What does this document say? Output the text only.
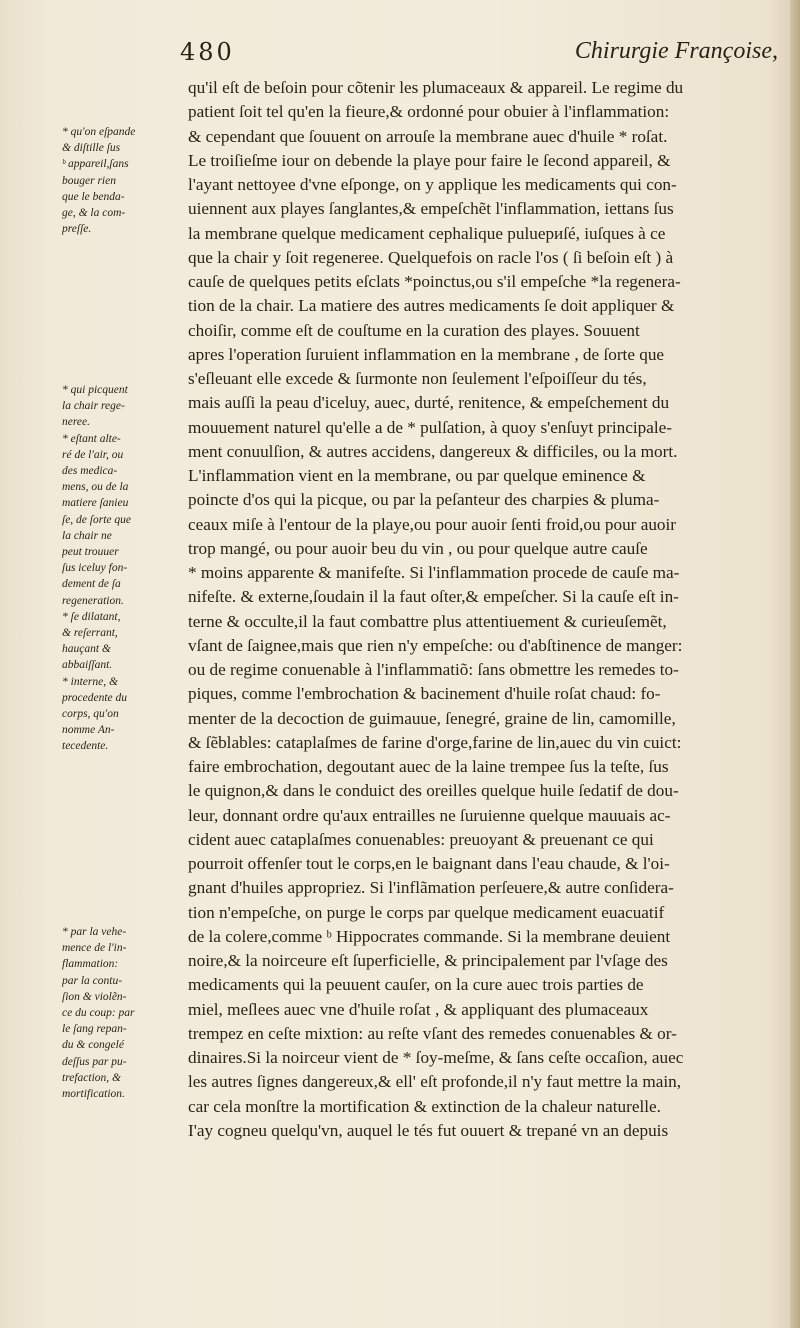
480	Chirurgie Françoise,
* qu'on eſpande
& diſtille ſus
ᵇ appareil,ſans
bouger rien
que le benda-
ge, & la com-
preſſe.
* qui picquent
la chair rege-
neree.
* eſtant alte-
ré de l'air, ou
des medica-
mens, ou de la
matiere ſanieu
ſe, de ſorte que
la chair ne
peut trouuer
ſus iceluy fon-
dement de ſa
regeneration.
* ſe dilatant,
& reſerrant,
hauçant &
abbaiſſant.
* interne, &
procedente du
corps, qu'on
nomme An-
tecedente.
* par la vehe-
mence de l'in-
flammation:
par la contu-
ſion & violẽn-
ce du coup: par
le ſang repan-
du & congelé
deſſus par pu-
trefaction, &
mortification.
qu'il eſt de beſoin pour cõtenir les plumaceaux & appareil. Le regime du
patient ſoit tel qu'en la fieure,& ordonné pour obuier à l'inflammation:
& cependant que ſouuent on arrouſe la membrane auec d'huile * roſat.
Le troiſieſme iour on debende la playe pour faire le ſecond appareil, &
l'ayant nettoyee d'vne eſponge, on y applique les medicaments qui con-
uiennent aux playes ſanglantes,& empeſchẽt l'inflammation, iettans ſus
la membrane quelque medicament cephalique puluериſé, iuſques à ce
que la chair y ſoit regeneree. Quelquefois on racle l'os ( ſi beſoin eſt ) à
cauſe de quelques petits eſclats *poinctus,ou s'il empeſche *la regenera-
tion de la chair. La matiere des autres medicaments ſe doit appliquer &
choiſir, comme eſt de couſtume en la curation des playes. Souuent
apres l'operation ſuruient inflammation en la membrane , de ſorte que
s'eſleuant elle excede & ſurmonte non ſeulement l'eſpoiſſeur du tés,
mais auſſi la peau d'iceluy, auec, durté, renitence, & empeſchement du
mouuement naturel qu'elle a de * pulſation, à quoy s'enſuyt principale-
ment conuulſion, & autres accidens, dangereux & difficiles, ou la mort.
L'inflammation vient en la membrane, ou par quelque eminence &
poincte d'os qui la picque, ou par la peſanteur des charpies & pluma-
ceaux miſe à l'entour de la playe,ou pour auoir ſenti froid,ou pour auoir
trop mangé, ou pour auoir beu du vin , ou pour quelque autre cauſe
* moins apparente & manifeſte. Si l'inflammation procede de cauſe ma-
nifeſte. & externe,ſoudain il la faut oſter,& empeſcher. Si la cauſe eſt in-
terne & occulte,il la faut combattre plus attentiuement & curieuſemẽt,
vſant de ſaignee,mais que rien n'y empeſche: ou d'abſtinence de manger:
ou de regime conuenable à l'inflammatiõ: ſans obmettre les remedes to-
piques, comme l'embrochation & bacinement d'huile roſat chaud: fo-
menter de la decoction de guimauue, ſenegré, graine de lin, camomille,
& ſẽblables: cataplaſmes de farine d'orge,farine de lin,auec du vin cuict:
faire embrochation, degoutant auec de la laine trempee ſus la teſte, ſus
le quignon,& dans le conduict des oreilles quelque huile ſedatif de dou-
leur, donnant ordre qu'aux entrailles ne ſuruienne quelque mauuais ac-
cident auec cataplaſmes conuenables: preuoyant & preuenant ce qui
pourroit offenſer tout le corps,en le baignant dans l'eau chaude, & l'oi-
gnant d'huiles appropriez. Si l'inflãmation perſeuere,& autre conſidera-
tion n'empeſche, on purge le corps par quelque medicament euacuatif
de la colere,comme ᵇ Hippocrates commande. Si la membrane deuient
noire,& la noirceure eſt ſuperficielle, & principalement par l'vſage des
medicaments qui la peuuent cauſer, on la cure auec trois parties de
miel, meſlees auec vne d'huile roſat , & appliquant des plumaceaux
trempez en ceſte mixtion: au reſte vſant des remedes conuenables & or-
dinaires.Si la noirceur vient de * ſoy-meſme, & ſans ceſte occaſion, auec
les autres ſignes dangereux,& ell' eſt profonde,il n'y faut mettre la main,
car cela monſtre la mortification & extinction de la chaleur naturelle.
I'ay cogneu quelqu'vn, auquel le tés fut ouuert & trepané vn an depuis
